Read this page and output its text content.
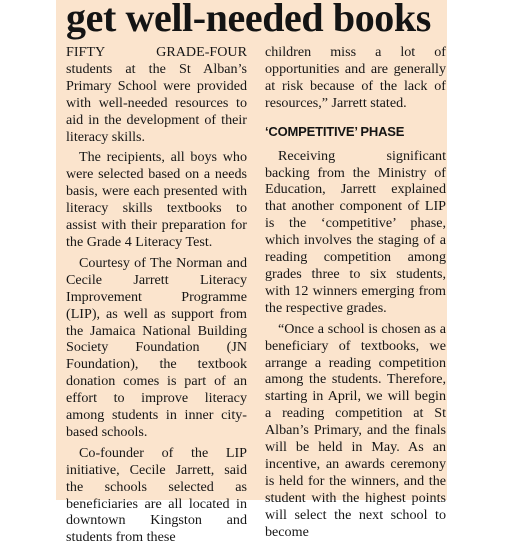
get well-needed books

FIFTY GRADE-FOUR students at the St Alban’s Primary School were provided with well-needed resources to aid in the development of their literacy skills.

The recipients, all boys who were selected based on a needs basis, were each presented with literacy skills textbooks to assist with their preparation for the Grade 4 Literacy Test.

Courtesy of The Norman and Cecile Jarrett Literacy Improvement Programme (LIP), as well as support from the Jamaica National Building Society Foundation (JN Foundation), the textbook donation comes is part of an effort to improve literacy among students in inner city-based schools.

Co-founder of the LIP initiative, Cecile Jarrett, said the schools selected as beneficiaries are all located in downtown Kingston and students from these

children miss a lot of opportunities and are generally at risk because of the lack of resources,” Jarrett stated.

‘COMPETITIVE’ PHASE

Receiving significant backing from the Ministry of Education, Jarrett explained that another component of LIP is the ‘competitive’ phase, which involves the staging of a reading competition among grades three to six students, with 12 winners emerging from the respective grades.

“Once a school is chosen as a beneficiary of textbooks, we arrange a reading competition among the students. Therefore, starting in April, we will begin a reading competition at St Alban’s Primary, and the finals will be held in May. As an incentive, an awards ceremony is held for the winners, and the student with the highest points will select the next school to become
